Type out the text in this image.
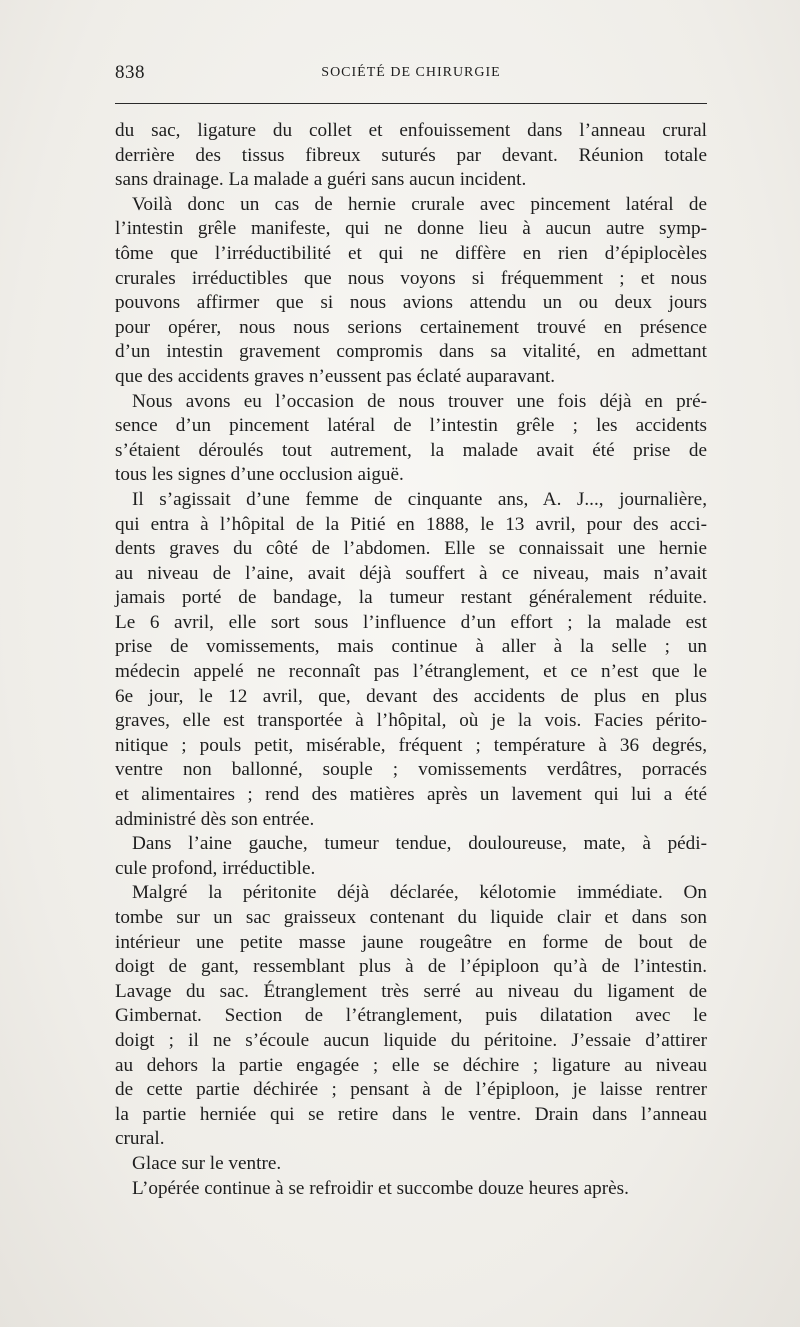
838	SOCIÉTÉ DE CHIRURGIE
du sac, ligature du collet et enfouissement dans l’anneau crural
derrière des tissus fibreux suturés par devant. Réunion totale
sans drainage. La malade a guéri sans aucun incident.
Voilà donc un cas de hernie crurale avec pincement latéral de
l’intestin grêle manifeste, qui ne donne lieu à aucun autre symp-
tôme que l’irréductibilité et qui ne diffère en rien d’épiplocèles
crurales irréductibles que nous voyons si fréquemment ; et nous
pouvons affirmer que si nous avions attendu un ou deux jours
pour opérer, nous nous serions certainement trouvé en présence
d’un intestin gravement compromis dans sa vitalité, en admettant
que des accidents graves n’eussent pas éclaté auparavant.
Nous avons eu l’occasion de nous trouver une fois déjà en pré-
sence d’un pincement latéral de l’intestin grêle ; les accidents
s’étaient déroulés tout autrement, la malade avait été prise de
tous les signes d’une occlusion aiguë.
Il s’agissait d’une femme de cinquante ans, A. J..., journalière,
qui entra à l’hôpital de la Pitié en 1888, le 13 avril, pour des acci-
dents graves du côté de l’abdomen. Elle se connaissait une hernie
au niveau de l’aine, avait déjà souffert à ce niveau, mais n’avait
jamais porté de bandage, la tumeur restant généralement réduite.
Le 6 avril, elle sort sous l’influence d’un effort ; la malade est
prise de vomissements, mais continue à aller à la selle ; un
médecin appelé ne reconnaît pas l’étranglement, et ce n’est que le
6e jour, le 12 avril, que, devant des accidents de plus en plus
graves, elle est transportée à l’hôpital, où je la vois. Facies périto-
nitique ; pouls petit, misérable, fréquent ; température à 36 degrés,
ventre non ballonné, souple ; vomissements verdâtres, porracés
et alimentaires ; rend des matières après un lavement qui lui a été
administré dès son entrée.
Dans l’aine gauche, tumeur tendue, douloureuse, mate, à pédi-
cule profond, irréductible.
Malgré la péritonite déjà déclarée, kélotomie immédiate. On
tombe sur un sac graisseux contenant du liquide clair et dans son
intérieur une petite masse jaune rougeâtre en forme de bout de
doigt de gant, ressemblant plus à de l’épiploon qu’à de l’intestin.
Lavage du sac. Étranglement très serré au niveau du ligament de
Gimbernat. Section de l’étranglement, puis dilatation avec le
doigt ; il ne s’écoule aucun liquide du péritoine. J’essaie d’attirer
au dehors la partie engagée ; elle se déchire ; ligature au niveau
de cette partie déchirée ; pensant à de l’épiploon, je laisse rentrer
la partie herniée qui se retire dans le ventre. Drain dans l’anneau
crural.
Glace sur le ventre.
L’opérée continue à se refroidir et succombe douze heures après.
